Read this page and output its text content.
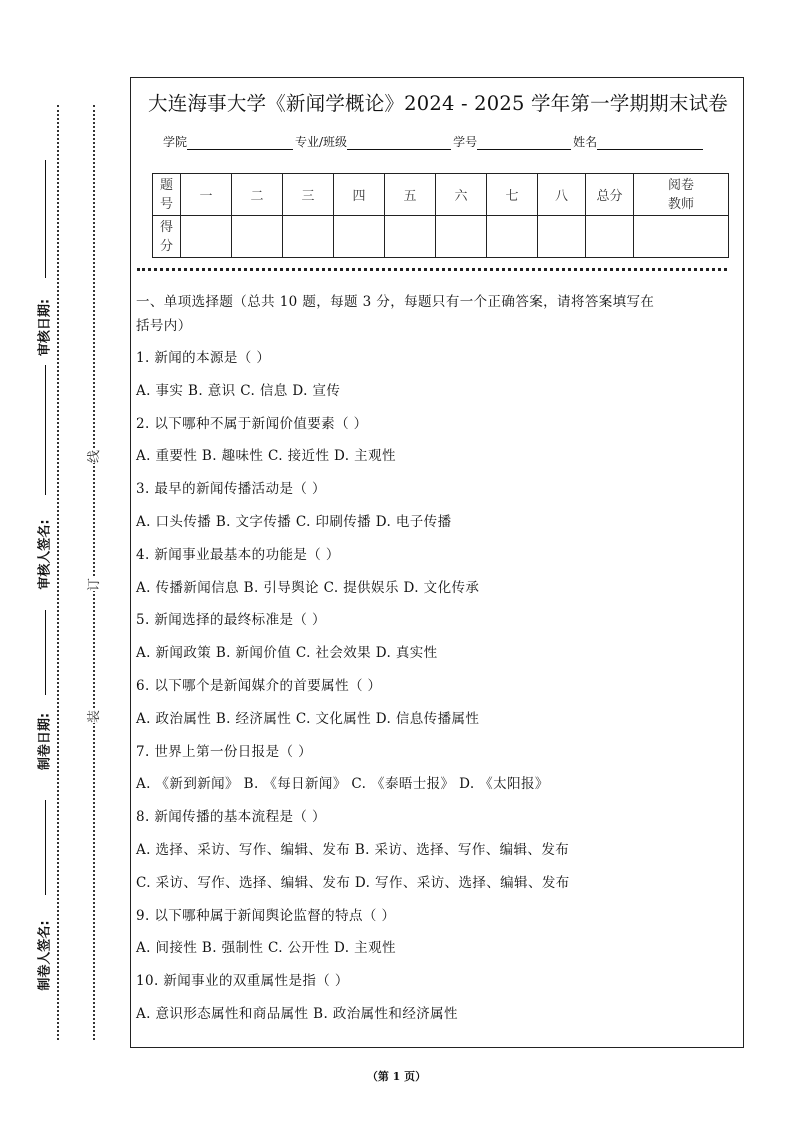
审核日期:
审核人签名:
制卷日期:
制卷人签名:
线
订
装
大连海事大学《新闻学概论》2024 - 2025 学年第一学期期末试卷
学院	专业/班级	学号	姓名
题
号	一	二	三	四	五	六	七	八	总分	阅卷
教师

得
分										

一、单项选择题（总共 10 题，每题 3 分，每题只有一个正确答案，请将答案填写在
括号内）
1. 新闻的本源是（ ）
A. 事实 B. 意识 C. 信息 D. 宣传
2. 以下哪种不属于新闻价值要素（ ）
A. 重要性 B. 趣味性 C. 接近性 D. 主观性
3. 最早的新闻传播活动是（ ）
A. 口头传播 B. 文字传播 C. 印刷传播 D. 电子传播
4. 新闻事业最基本的功能是（ ）
A. 传播新闻信息 B. 引导舆论 C. 提供娱乐 D. 文化传承
5. 新闻选择的最终标准是（ ）
A. 新闻政策 B. 新闻价值 C. 社会效果 D. 真实性
6. 以下哪个是新闻媒介的首要属性（ ）
A. 政治属性 B. 经济属性 C. 文化属性 D. 信息传播属性
7. 世界上第一份日报是（ ）
A. 《新到新闻》 B. 《每日新闻》 C. 《泰晤士报》 D. 《太阳报》
8. 新闻传播的基本流程是（ ）
A. 选择、采访、写作、编辑、发布 B. 采访、选择、写作、编辑、发布
C. 采访、写作、选择、编辑、发布 D. 写作、采访、选择、编辑、发布
9. 以下哪种属于新闻舆论监督的特点（ ）
A. 间接性 B. 强制性 C. 公开性 D. 主观性
10. 新闻事业的双重属性是指（ ）
A. 意识形态属性和商品属性 B. 政治属性和经济属性
（第 1 页）
